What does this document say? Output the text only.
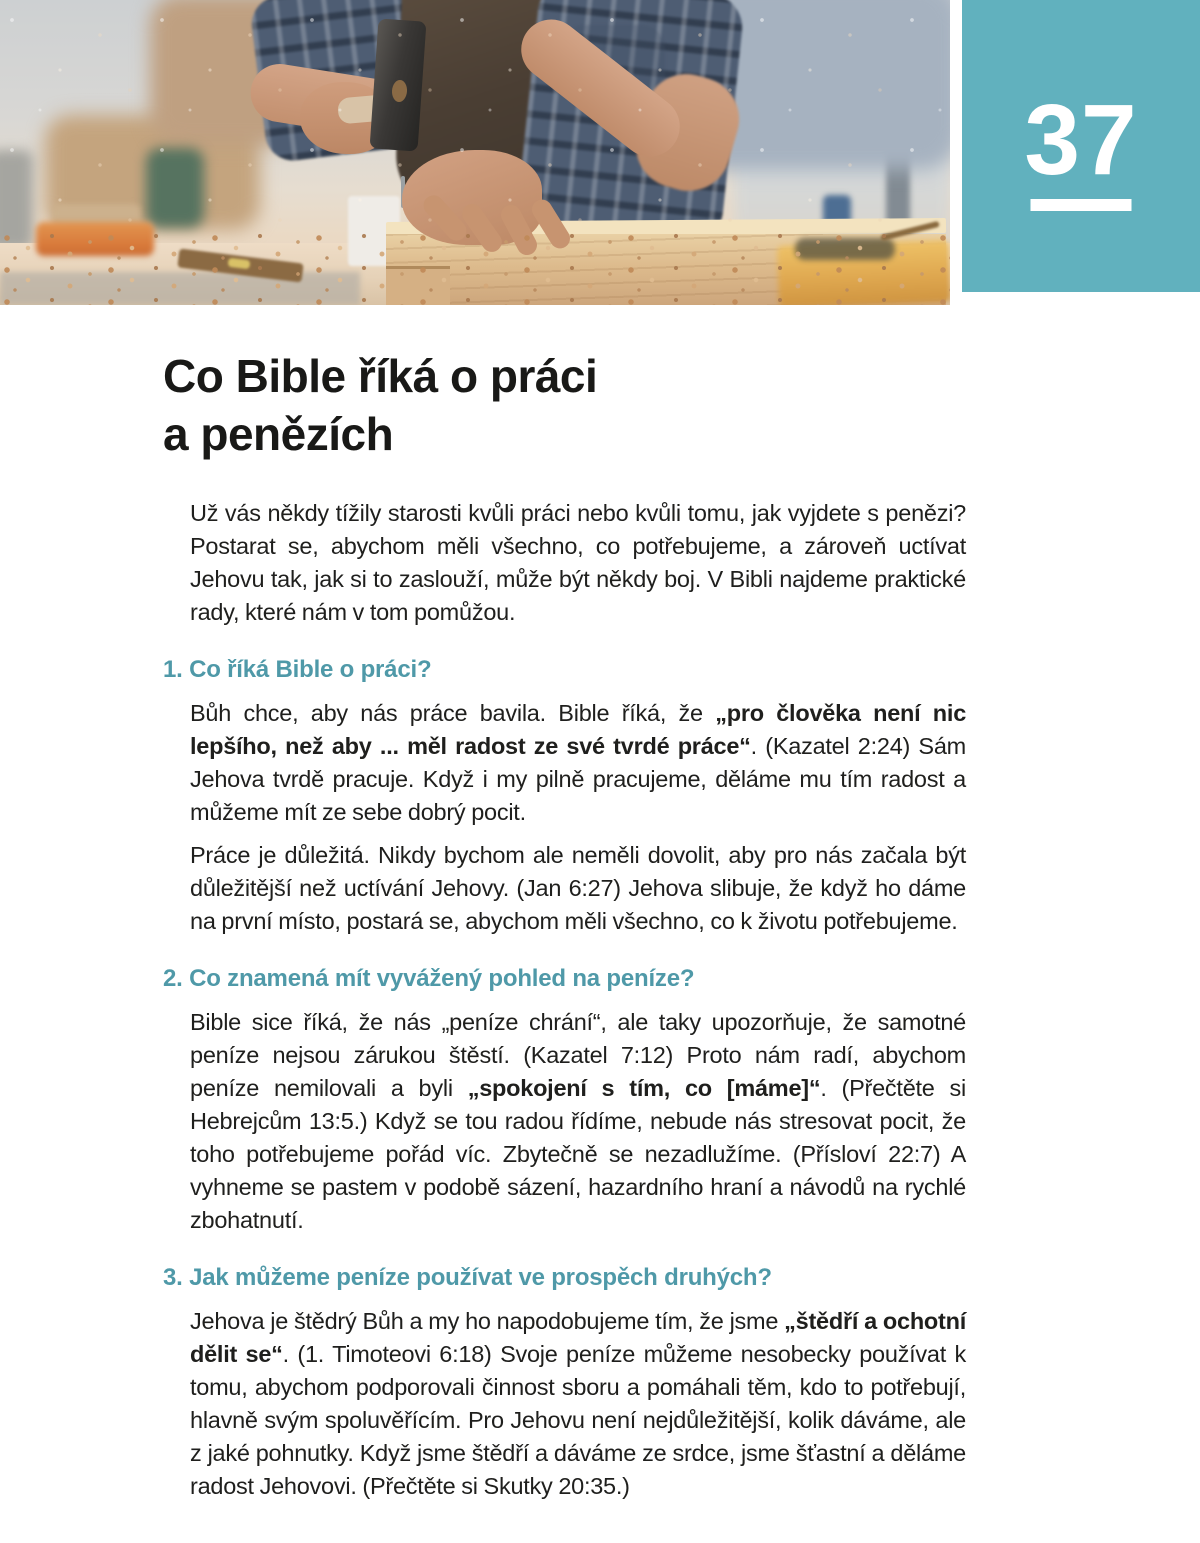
37
Co Bible říká o práci
a penězích

Už vás někdy tížily starosti kvůli práci nebo kvůli tomu, jak vyjdete s penězi? Postarat se, abychom měli všechno, co potřebujeme, a zároveň uctívat Jehovu tak, jak si to zaslouží, může být někdy boj. V Bibli najdeme praktické rady, které nám v tom pomůžou.

1. Co říká Bible o práci?

Bůh chce, aby nás práce bavila. Bible říká, že „pro člověka není nic lepšího, než aby ... měl radost ze své tvrdé práce“. (Kazatel 2:24) Sám Jehova tvrdě pracuje. Když i my pilně pracujeme, děláme mu tím radost a můžeme mít ze sebe dobrý pocit.

Práce je důležitá. Nikdy bychom ale neměli dovolit, aby pro nás začala být důležitější než uctívání Jehovy. (Jan 6:27) Jehova slibuje, že když ho dáme na první místo, postará se, abychom měli všechno, co k životu potřebujeme.

2. Co znamená mít vyvážený pohled na peníze?

Bible sice říká, že nás „peníze chrání“, ale taky upozorňuje, že samotné peníze nejsou zárukou štěstí. (Kazatel 7:12) Proto nám radí, abychom peníze nemilovali a byli „spokojení s tím, co [máme]“. (Přečtěte si Hebrejcům 13:5.) Když se tou radou řídíme, nebude nás stresovat pocit, že toho potřebujeme pořád víc. Zbytečně se nezadlužíme. (Přísloví 22:7) A vyhneme se pastem v podobě sázení, hazardního hraní a návodů na rychlé zbohatnutí.

3. Jak můžeme peníze používat ve prospěch druhých?

Jehova je štědrý Bůh a my ho napodobujeme tím, že jsme „štědří a ochotní dělit se“. (1. Timoteovi 6:18) Svoje peníze můžeme nesobecky používat k tomu, abychom podporovali činnost sboru a pomáhali těm, kdo to potřebují, hlavně svým spoluvěřícím. Pro Jehovu není nejdůležitější, kolik dáváme, ale z jaké pohnutky. Když jsme štědří a dáváme ze srdce, jsme šťastní a děláme radost Jehovovi. (Přečtěte si Skutky 20:35.)
